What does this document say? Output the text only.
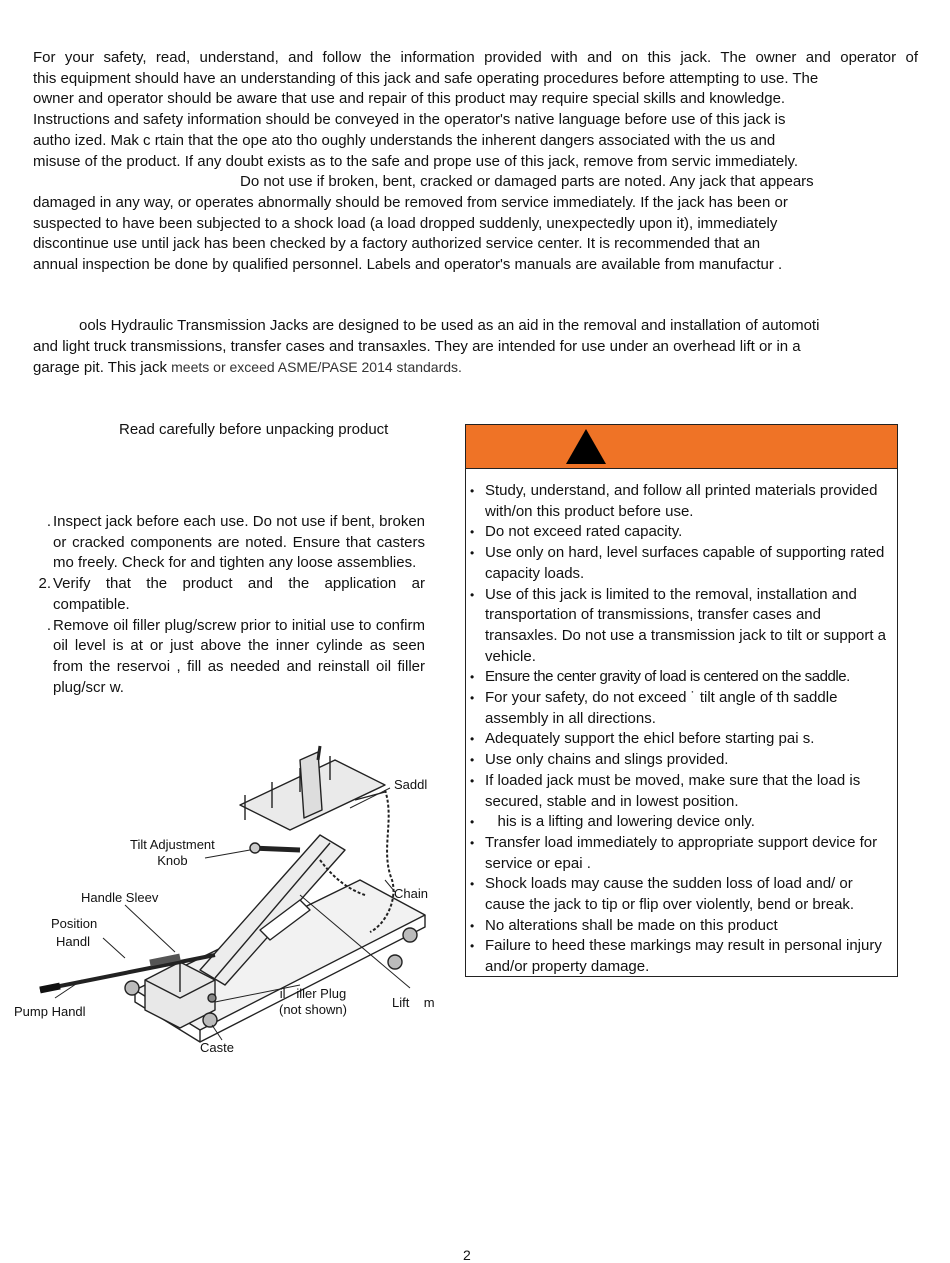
For your safety, read, understand, and follow the information provided with and on this jack. The owner and operator of
this equipment should have an understanding of this jack and safe operating procedures before attempting to use. The
owner and operator should be aware that use and repair of this product may require special skills and knowledge.
Instructions and safety information should be conveyed in the operator's native language before use of this jack is
autho ized. Mak c rtain that the ope ato tho oughly understands the inherent dangers associated with the us and
misuse of the product. If any doubt exists as to the safe and prope use of this jack, remove from servic immediately.
Do not use if broken, bent, cracked or damaged parts are noted. Any jack that appears
damaged in any way, or operates abnormally should be removed from service immediately. If the jack has been or
suspected to have been subjected to a shock load (a load dropped suddenly, unexpectedly upon it), immediately
discontinue use until jack has been checked by a factory authorized service center. It is recommended that an
annual inspection be done by qualified personnel. Labels and operator's manuals are available from manufactur .
ools Hydraulic Transmission Jacks are designed to be used as an aid in the removal and installation of automoti
and light truck transmissions, transfer cases and transaxles. They are intended for use under an overhead lift or in a
garage pit. This jack meets or exceed ASME/PASE 2014 standards.
Read carefully before unpacking product
. Inspect jack before each use. Do not use if bent, broken or cracked components are noted. Ensure that casters mo freely. Check for and tighten any loose assemblies.
2. Verify that the product and the application ar compatible.
. Remove oil filler plug/screw prior to initial use to confirm oil level is at or just above the inner cylinde as seen from the reservoi , fill as needed and reinstall oil filler plug/scr w.
• Study, understand, and follow all printed materials provided with/on this product before use.
• Do not exceed rated capacity.
• Use only on hard, level surfaces capable of supporting rated capacity loads.
• Use of this jack is limited to the removal, installation and transportation of transmissions, transfer cases and transaxles. Do not use a transmission jack to tilt or support a vehicle.
• Ensure the center gravity of load is centered on the saddle.
• For your safety, do not exceed ˙ tilt angle of th saddle assembly in all directions.
• Adequately support the ehicl before starting pai s.
• Use only chains and slings provided.
• If loaded jack must be moved, make sure that the load is secured, stable and in lowest position.
• his is a lifting and lowering device only.
• Transfer load immediately to appropriate support device for service or epai .
• Shock loads may cause the sudden loss of load and/ or cause the jack to tip or flip over violently, bend or break.
• No alterations shall be made on this product
• Failure to heed these markings may result in personal injury and/or property damage.
Saddl
Tilt Adjustment
Knob
Handle Sleev
Position
Handl
Pump Handl
Chain
il   iller Plug
(not shown)	Lift    m
Caste
2
